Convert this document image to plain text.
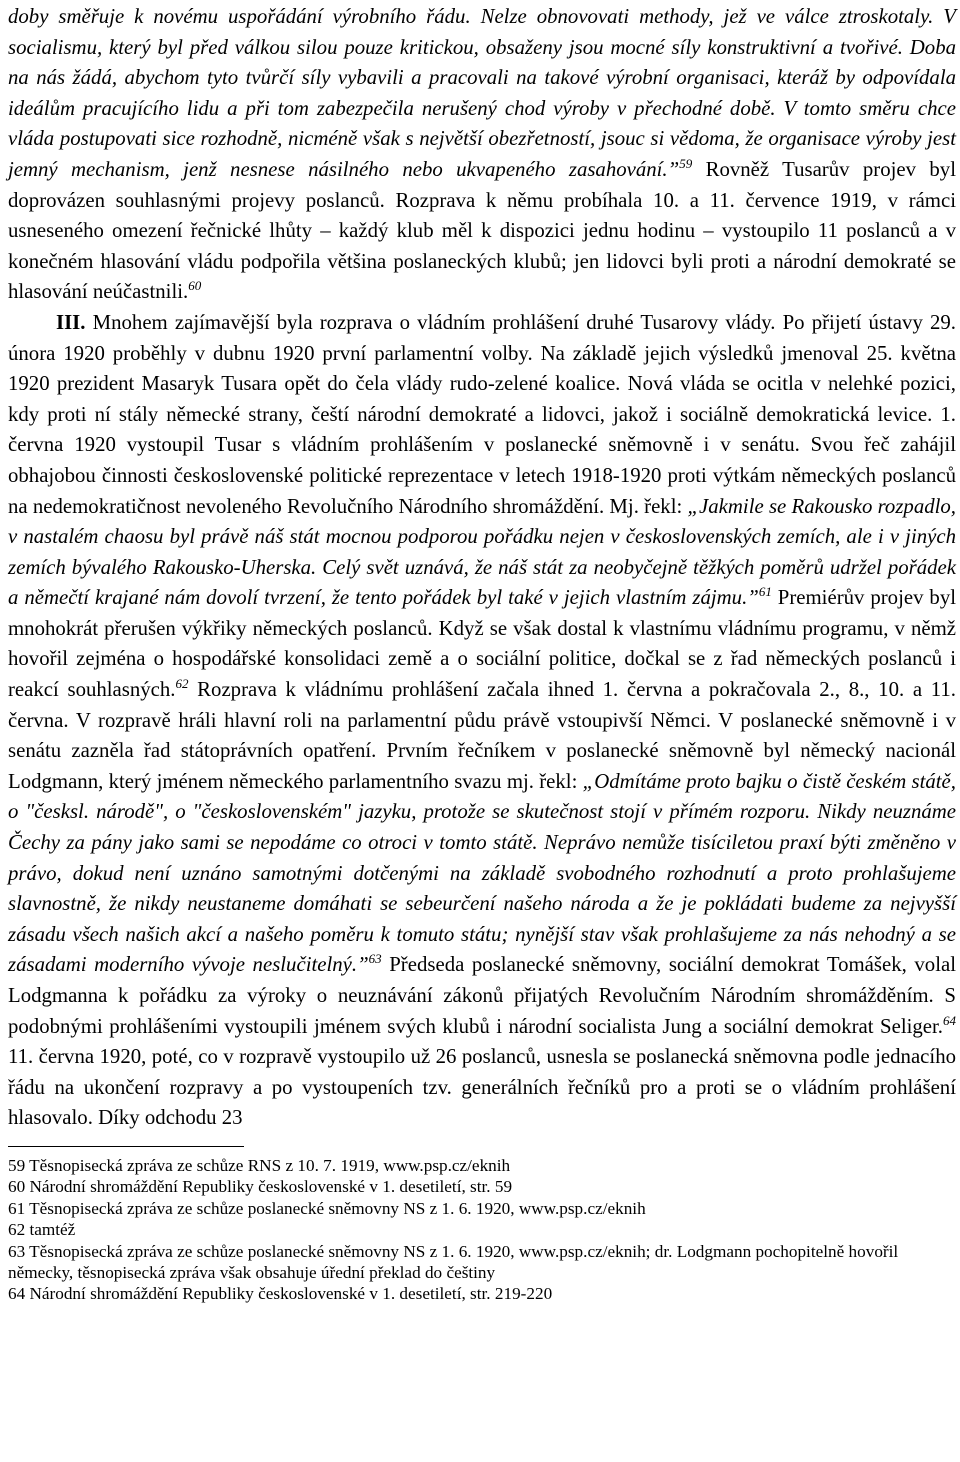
doby směřuje k novému uspořádání výrobního řádu. Nelze obnovovati methody, jež ve válce ztroskotaly. V socialismu, který byl před válkou silou pouze kritickou, obsaženy jsou mocné síly konstruktivní a tvořivé. Doba na nás žádá, abychom tyto tvůrčí síly vybavili a pracovali na takové výrobní organisaci, kteráž by odpovídala ideálům pracujícího lidu a při tom zabezpečila nerušený chod výroby v přechodné době. V tomto směru chce vláda postupovati sice rozhodně, nicméně však s největší obezřetností, jsouc si vědoma, že organisace výroby jest jemný mechanism, jenž nesnese násilného nebo ukvapeného zasahování.”$^{59}$ Rovněž Tusarův projev byl doprovázen souhlasnými projevy poslanců. Rozprava k němu probíhala 10. a 11. července 1919, v rámci usneseného omezení řečnické lhůty – každý klub měl k dispozici jednu hodinu – vystoupilo 11 poslanců a v konečném hlasování vládu podpořila většina poslaneckých klubů; jen lidovci byli proti a národní demokraté se hlasování neúčastnili.$^{60}$

III. Mnohem zajímavější byla rozprava o vládním prohlášení druhé Tusarovy vlády. Po přijetí ústavy 29. února 1920 proběhly v dubnu 1920 první parlamentní volby. Na základě jejich výsledků jmenoval 25. května 1920 prezident Masaryk Tusara opět do čela vlády rudo-zelené koalice. Nová vláda se ocitla v nelehké pozici, kdy proti ní stály německé strany, čeští národní demokraté a lidovci, jakož i sociálně demokratická levice. 1. června 1920 vystoupil Tusar s vládním prohlášením v poslanecké sněmovně i v senátu. Svou řeč zahájil obhajobou činnosti československé politické reprezentace v letech 1918-1920 proti výtkám německých poslanců na nedemokratičnost nevoleného Revolučního Národního shromáždění. Mj. řekl: „Jakmile se Rakousko rozpadlo, v nastalém chaosu byl právě náš stát mocnou podporou pořádku nejen v československých zemích, ale i v jiných zemích bývalého Rakousko-Uherska. Celý svět uznává, že náš stát za neobyčejně těžkých poměrů udržel pořádek a němečtí krajané nám dovolí tvrzení, že tento pořádek byl také v jejich vlastním zájmu.”$^{61}$ Premiérův projev byl mnohokrát přerušen výkřiky německých poslanců. Když se však dostal k vlastnímu vládnímu programu, v němž hovořil zejména o hospodářské konsolidaci země a o sociální politice, dočkal se z řad německých poslanců i reakcí souhlasných.$^{62}$ Rozprava k vládnímu prohlášení začala ihned 1. června a pokračovala 2., 8., 10. a 11. června. V rozpravě hráli hlavní roli na parlamentní půdu právě vstoupivší Němci. V poslanecké sněmovně i v senátu zazněla řad státoprávních opatření. Prvním řečníkem v poslanecké sněmovně byl německý nacionál Lodgmann, který jménem německého parlamentního svazu mj. řekl: „Odmítáme proto bajku o čistě českém státě, o "česksl. národě", o "československém" jazyku, protože se skutečnost stojí v přímém rozporu. Nikdy neuznáme Čechy za pány jako sami se nepodáme co otroci v tomto státě. Neprávo nemůže tisíciletou praxí býti změněno v právo, dokud není uznáno samotnými dotčenými na základě svobodného rozhodnutí a proto prohlašujeme slavnostně, že nikdy neustaneme domáhati se sebeurčení našeho národa a že je pokládati budeme za nejvyšší zásadu všech našich akcí a našeho poměru k tomuto státu; nynější stav však prohlašujeme za nás nehodný a se zásadami moderního vývoje neslučitelný.”$^{63}$ Předseda poslanecké sněmovny, sociální demokrat Tomášek, volal Lodgmanna k pořádku za výroky o neuznávání zákonů přijatých Revolučním Národním shromážděním. S podobnými prohlášeními vystoupili jménem svých klubů i národní socialista Jung a sociální demokrat Seliger.$^{64}$ 11. června 1920, poté, co v rozpravě vystoupilo už 26 poslanců, usnesla se poslanecká sněmovna podle jednacího řádu na ukončení rozpravy a po vystoupeních tzv. generálních řečníků pro a proti se o vládním prohlášení hlasovalo. Díky odchodu 23

59 Těsnopisecká zpráva ze schůze RNS z 10. 7. 1919, www.psp.cz/eknih
60 Národní shromáždění Republiky československé v 1. desetiletí, str. 59
61 Těsnopisecká zpráva ze schůze poslanecké sněmovny NS z 1. 6. 1920, www.psp.cz/eknih
62 tamtéž
63 Těsnopisecká zpráva ze schůze poslanecké sněmovny NS z 1. 6. 1920, www.psp.cz/eknih; dr. Lodgmann pochopitelně hovořil německy, těsnopisecká zpráva však obsahuje úřední překlad do češtiny
64 Národní shromáždění Republiky československé v 1. desetiletí, str. 219-220
